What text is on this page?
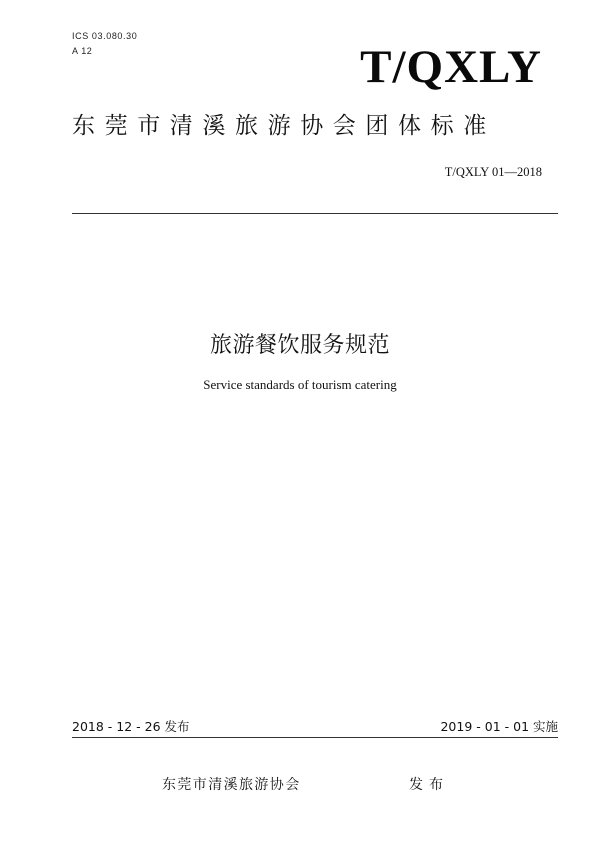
ICS 03.080.30
A 12	T/QXLY
东莞市清溪旅游协会团体标准
T/QXLY 01—2018
旅游餐饮服务规范
Service standards of tourism catering
2018 - 12 - 26 发布	2019 - 01 - 01 实施
东莞市清溪旅游协会	发布
